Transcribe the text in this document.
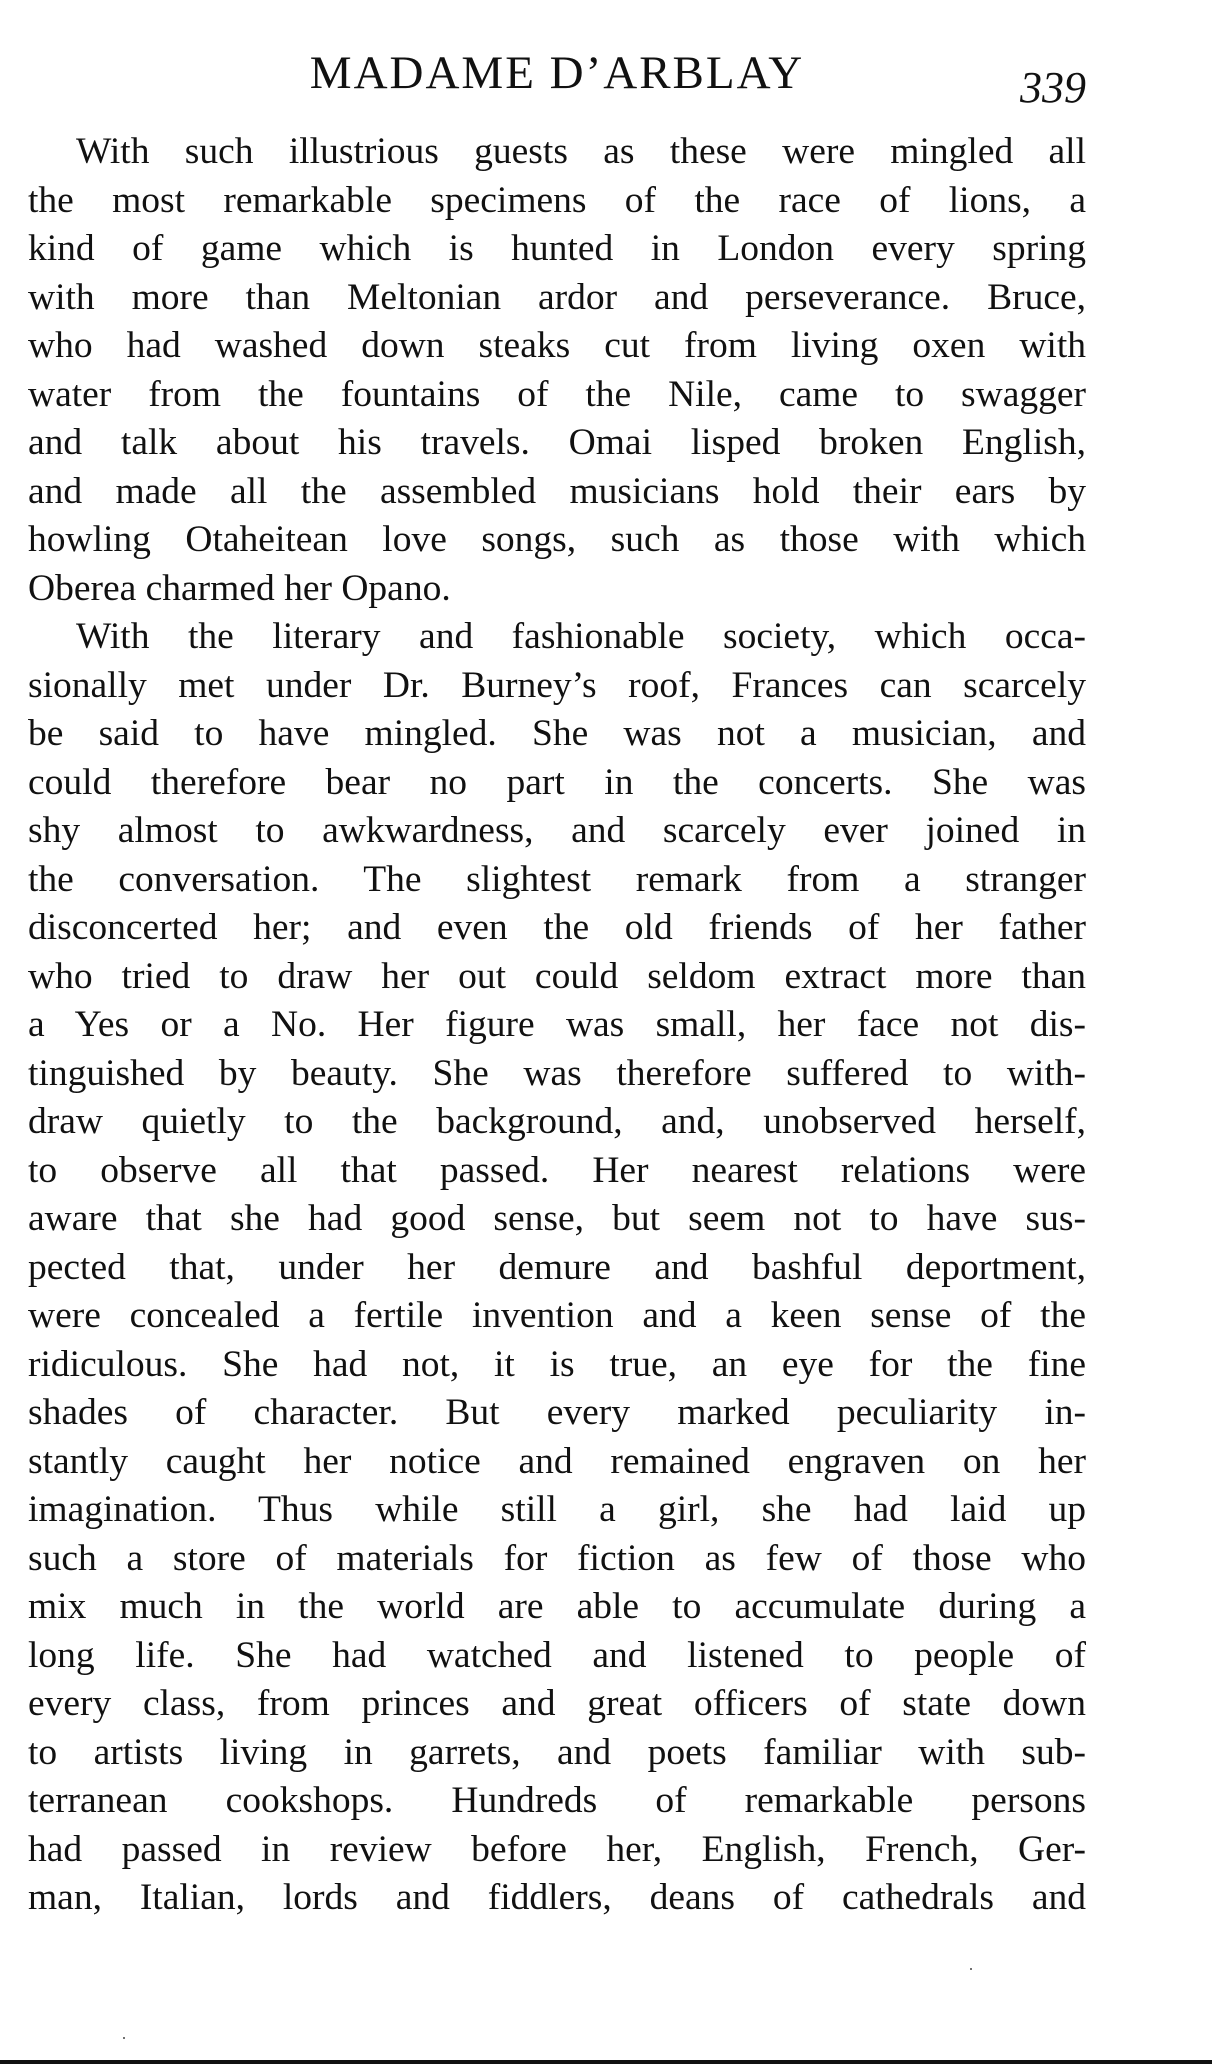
MADAME D’ARBLAY	339
With such illustrious guests as these were mingled all
the most remarkable specimens of the race of lions, a
kind of game which is hunted in London every spring
with more than Meltonian ardor and perseverance. Bruce,
who had washed down steaks cut from living oxen with
water from the fountains of the Nile, came to swagger
and talk about his travels. Omai lisped broken English,
and made all the assembled musicians hold their ears by
howling Otaheitean love songs, such as those with which
Oberea charmed her Opano.
With the literary and fashionable society, which occa-
sionally met under Dr. Burney’s roof, Frances can scarcely
be said to have mingled. She was not a musician, and
could therefore bear no part in the concerts. She was
shy almost to awkwardness, and scarcely ever joined in
the conversation. The slightest remark from a stranger
disconcerted her; and even the old friends of her father
who tried to draw her out could seldom extract more than
a Yes or a No. Her figure was small, her face not dis-
tinguished by beauty. She was therefore suffered to with-
draw quietly to the background, and, unobserved herself,
to observe all that passed. Her nearest relations were
aware that she had good sense, but seem not to have sus-
pected that, under her demure and bashful deportment,
were concealed a fertile invention and a keen sense of the
ridiculous. She had not, it is true, an eye for the fine
shades of character. But every marked peculiarity in-
stantly caught her notice and remained engraven on her
imagination. Thus while still a girl, she had laid up
such a store of materials for fiction as few of those who
mix much in the world are able to accumulate during a
long life. She had watched and listened to people of
every class, from princes and great officers of state down
to artists living in garrets, and poets familiar with sub-
terranean cookshops. Hundreds of remarkable persons
had passed in review before her, English, French, Ger-
man, Italian, lords and fiddlers, deans of cathedrals and
